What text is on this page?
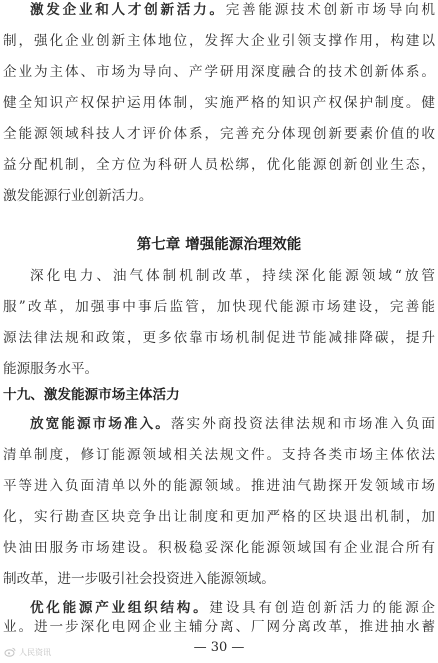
激发企业和人才创新活力。完善能源技术创新市场导向机
制，强化企业创新主体地位，发挥大企业引领支撑作用，构建以
企业为主体、市场为导向、产学研用深度融合的技术创新体系。
健全知识产权保护运用体制，实施严格的知识产权保护制度。健
全能源领域科技人才评价体系，完善充分体现创新要素价值的收
益分配机制，全方位为科研人员松绑，优化能源创新创业生态，
激发能源行业创新活力。
第七章 增强能源治理效能
深化电力、油气体制机制改革，持续深化能源领域“放管
服”改革，加强事中事后监管，加快现代能源市场建设，完善能
源法律法规和政策，更多依靠市场机制促进节能减排降碳，提升
能源服务水平。
十九、激发能源市场主体活力
放宽能源市场准入。落实外商投资法律法规和市场准入负面
清单制度，修订能源领域相关法规文件。支持各类市场主体依法
平等进入负面清单以外的能源领域。推进油气勘探开发领域市场
化，实行勘查区块竞争出让制度和更加严格的区块退出机制，加
快油田服务市场建设。积极稳妥深化能源领域国有企业混合所有
制改革，进一步吸引社会投资进入能源领域。
优化能源产业组织结构。建设具有创造创新活力的能源企
业。进一步深化电网企业主辅分离、厂网分离改革，推进抽水蓄
— 30 —
人民资讯
